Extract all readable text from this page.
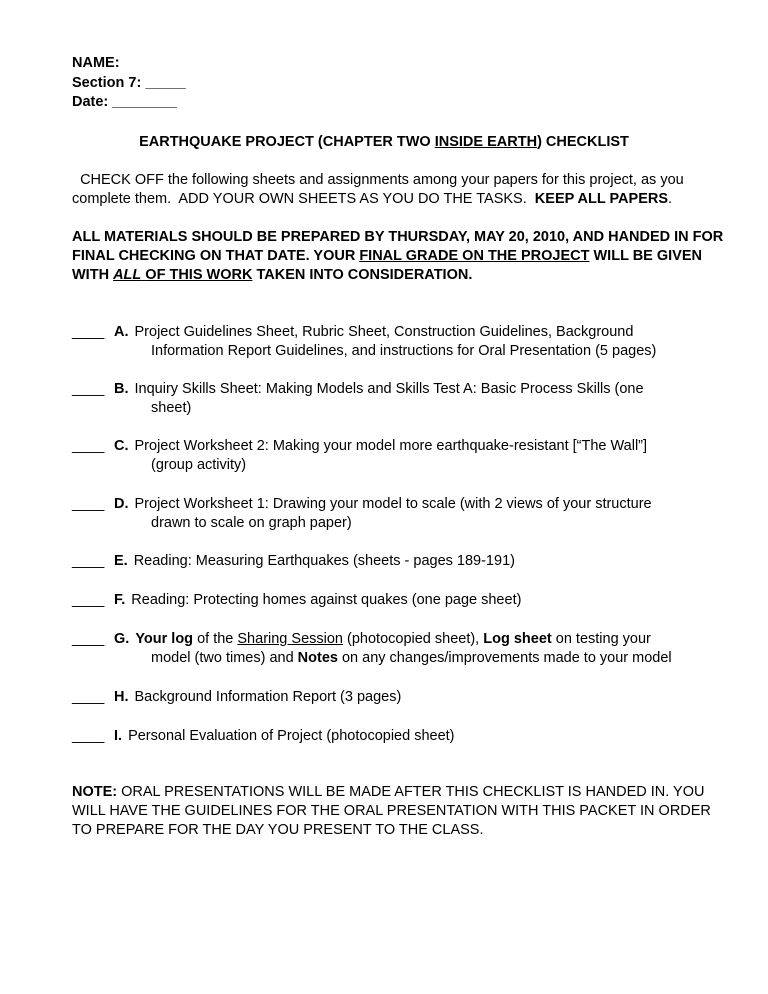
NAME:
Section 7: _____
Date: ________
EARTHQUAKE PROJECT (CHAPTER TWO INSIDE EARTH) CHECKLIST
CHECK OFF the following sheets and assignments among your papers for this project, as you complete them.  ADD YOUR OWN SHEETS AS YOU DO THE TASKS.  KEEP ALL PAPERS.
ALL MATERIALS SHOULD BE PREPARED BY THURSDAY, MAY 20, 2010, AND HANDED IN FOR FINAL CHECKING ON THAT DATE. YOUR FINAL GRADE ON THE PROJECT WILL BE GIVEN WITH ALL OF THIS WORK TAKEN INTO CONSIDERATION.
____ A. Project Guidelines Sheet, Rubric Sheet, Construction Guidelines, Background
Information Report Guidelines, and instructions for Oral Presentation (5 pages)
____ B. Inquiry Skills Sheet: Making Models and Skills Test A: Basic Process Skills (one
sheet)
____ C. Project Worksheet 2: Making your model more earthquake-resistant [“The Wall”]
(group activity)
____ D. Project Worksheet 1: Drawing your model to scale (with 2 views of your structure
drawn to scale on graph paper)
____ E. Reading: Measuring Earthquakes (sheets - pages 189-191)
____ F. Reading: Protecting homes against quakes (one page sheet)
____ G. Your log of the Sharing Session (photocopied sheet), Log sheet on testing your
model (two times) and Notes on any changes/improvements made to your model
____ H. Background Information Report (3 pages)
____ I. Personal Evaluation of Project (photocopied sheet)
NOTE: ORAL PRESENTATIONS WILL BE MADE AFTER THIS CHECKLIST IS HANDED IN. YOU WILL HAVE THE GUIDELINES FOR THE ORAL PRESENTATION WITH THIS PACKET IN ORDER TO PREPARE FOR THE DAY YOU PRESENT TO THE CLASS.
